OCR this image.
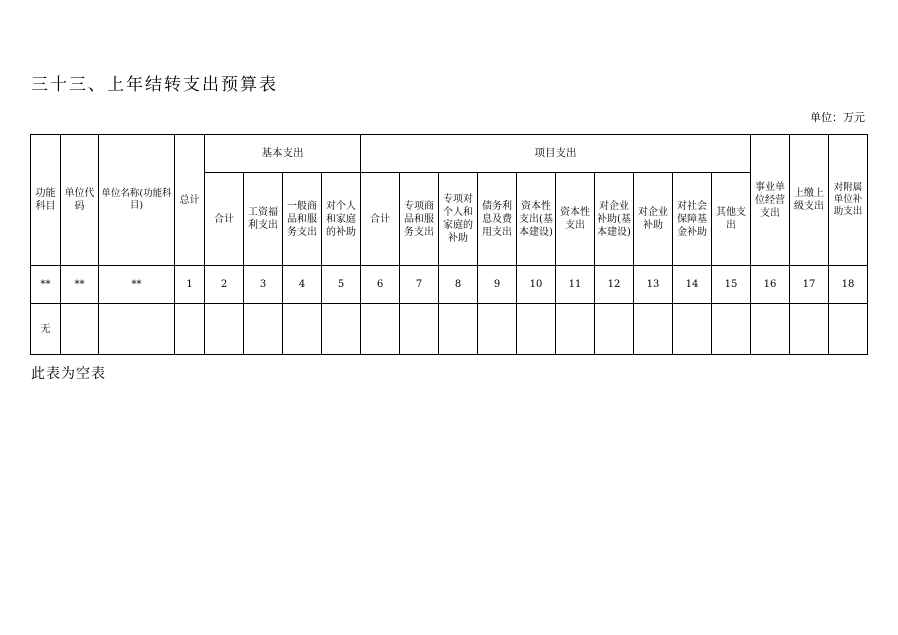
三十三、上年结转支出预算表
单位：万元
功能科目	单位代码	单位名称(功能科目)	总计	基本支出				项目支出										事业单位经营支出	上缴上级支出	对附属单位补助支出
				合计	工资福利支出	一般商品和服务支出	对个人和家庭的补助	合计	专项商品和服务支出	专项对个人和家庭的补助	债务利息及费用支出	资本性支出(基本建设)	资本性支出	对企业补助(基本建设)	对企业补助	对社会保障基金补助	其他支出			
**	**	**	1	2	3	4	5	6	7	8	9	10	11	12	13	14	15	16	17	18
无																				
此表为空表
